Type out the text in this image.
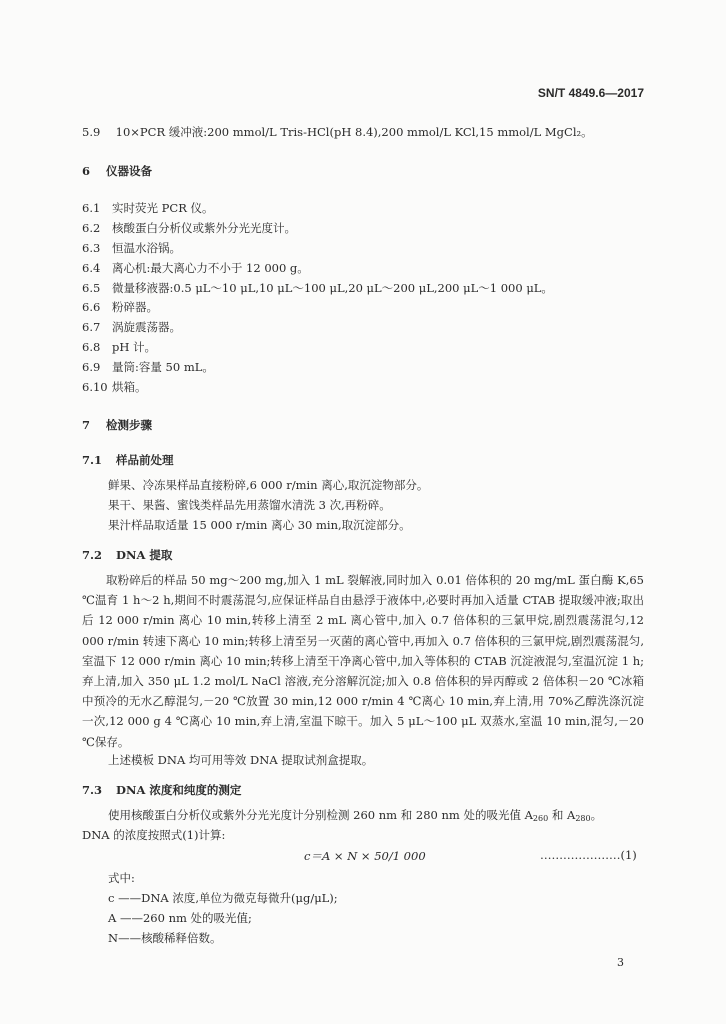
SN/T 4849.6—2017
5.9 10×PCR 缓冲液:200 mmol/L Tris-HCl(pH 8.4),200 mmol/L KCl,15 mmol/L MgCl₂。
6 仪器设备
6.1 实时荧光 PCR 仪。
6.2 核酸蛋白分析仪或紫外分光光度计。
6.3 恒温水浴锅。
6.4 离心机:最大离心力不小于 12 000 g。
6.5 微量移液器:0.5 μL～10 μL,10 μL～100 μL,20 μL～200 μL,200 μL～1 000 μL。
6.6 粉碎器。
6.7 涡旋震荡器。
6.8 pH 计。
6.9 量筒:容量 50 mL。
6.10 烘箱。
7 检测步骤
7.1 样品前处理
鲜果、冷冻果样品直接粉碎,6 000 r/min 离心,取沉淀物部分。
果干、果酱、蜜饯类样品先用蒸馏水清洗 3 次,再粉碎。
果汁样品取适量 15 000 r/min 离心 30 min,取沉淀部分。
7.2 DNA 提取
取粉碎后的样品 50 mg～200 mg,加入 1 mL 裂解液,同时加入 0.01 倍体积的 20 mg/mL 蛋白酶 K,65 ℃温育 1 h～2 h,期间不时震荡混匀,应保证样品自由悬浮于液体中,必要时再加入适量 CTAB 提取缓冲液;取出后 12 000 r/min 离心 10 min,转移上清至 2 mL 离心管中,加入 0.7 倍体积的三氯甲烷,剧烈震荡混匀,12 000 r/min 转速下离心 10 min;转移上清至另一灭菌的离心管中,再加入 0.7 倍体积的三氯甲烷,剧烈震荡混匀,室温下 12 000 r/min 离心 10 min;转移上清至干净离心管中,加入等体积的 CTAB 沉淀液混匀,室温沉淀 1 h;弃上清,加入 350 μL 1.2 mol/L NaCl 溶液,充分溶解沉淀;加入 0.8 倍体积的异丙醇或 2 倍体积－20 ℃冰箱中预冷的无水乙醇混匀,－20 ℃放置 30 min,12 000 r/min 4 ℃离心 10 min,弃上清,用 70%乙醇洗涤沉淀一次,12 000 g 4 ℃离心 10 min,弃上清,室温下晾干。加入 5 μL～100 μL 双蒸水,室温 10 min,混匀,－20 ℃保存。
上述模板 DNA 均可用等效 DNA 提取试剂盒提取。
7.3 DNA 浓度和纯度的测定
使用核酸蛋白分析仪或紫外分光光度计分别检测 260 nm 和 280 nm 处的吸光值 $A_{260}$ 和 $A_{280}$。
DNA 的浓度按照式(1)计算:
c＝A × N × 50/1 000	…………………(1)
式中:
c ——DNA 浓度,单位为微克每微升(μg/μL);
A ——260 nm 处的吸光值;
N——核酸稀释倍数。
3
